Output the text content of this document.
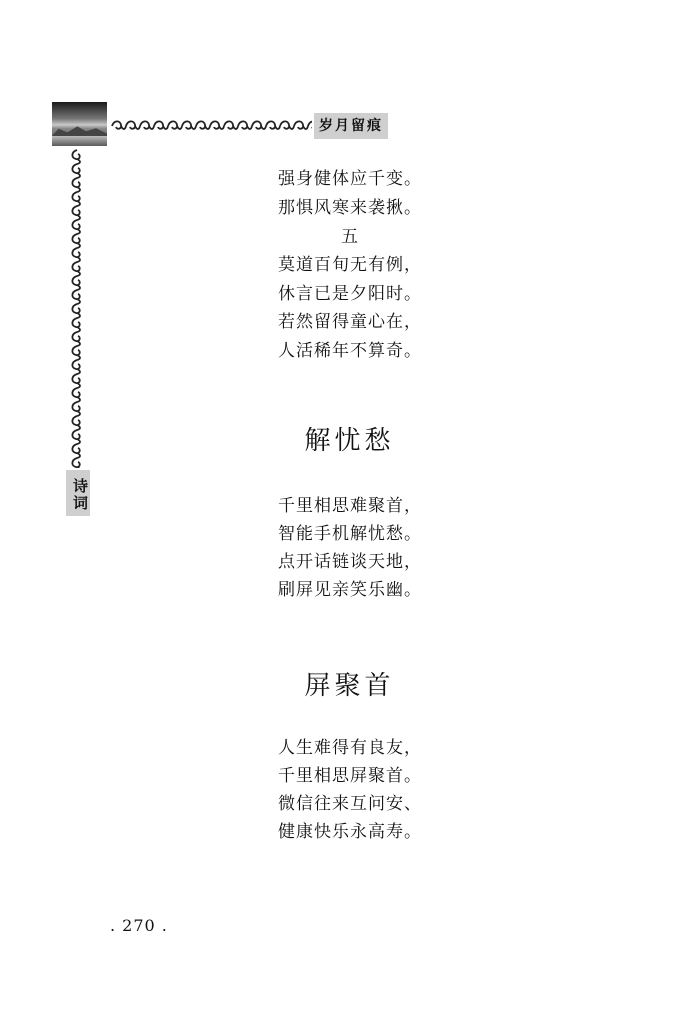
岁月留痕
诗词
强身健体应千变。
那惧风寒来袭揪。
五
莫道百旬无有例，
休言已是夕阳时。
若然留得童心在，
人活稀年不算奇。
解忧愁
千里相思难聚首，
智能手机解忧愁。
点开话链谈天地，
刷屏见亲笑乐幽。
屏聚首
人生难得有良友，
千里相思屏聚首。
微信往来互问安、
健康快乐永高寿。
. 270 .
